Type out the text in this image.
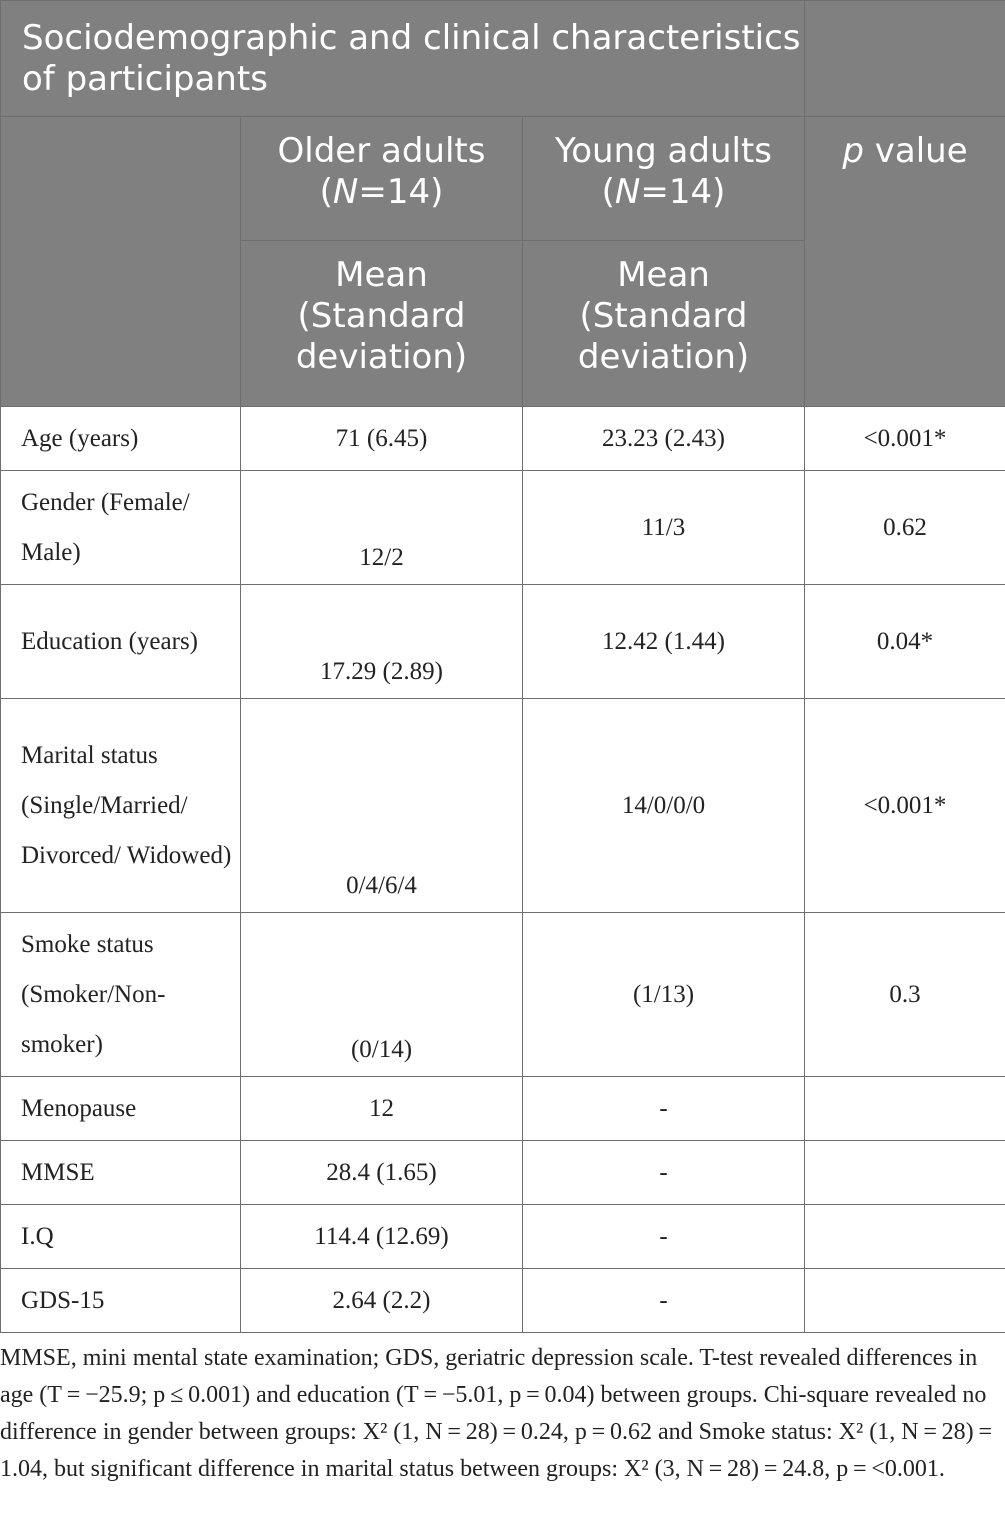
Sociodemographic and clinical characteristics of participants			
	Older adults (N=14)	Young adults (N=14)	p value
	Mean (Standard deviation)	Mean (Standard deviation)	
Age (years)	71 (6.45)	23.23 (2.43)	<0.001*
Gender (Female/ Male)	12/2	11/3	0.62
Education (years)	17.29 (2.89)	12.42 (1.44)	0.04*
Marital status (Single/Married/ Divorced/ Widowed)	0/4/6/4	14/0/0/0	<0.001*
Smoke status (Smoker/Non-smoker)	(0/14)	(1/13)	0.3
Menopause	12	-	
MMSE	28.4 (1.65)	-	
I.Q	114.4 (12.69)	-	
GDS-15	2.64 (2.2)	-	

MMSE, mini mental state examination; GDS, geriatric depression scale. T-test revealed differences in age (T = −25.9; p ≤ 0.001) and education (T = −5.01, p = 0.04) between groups. Chi-square revealed no difference in gender between groups: X² (1, N = 28) = 0.24, p = 0.62 and Smoke status: X² (1, N = 28) = 1.04, but significant difference in marital status between groups: X² (3, N = 28) = 24.8, p = <0.001.
